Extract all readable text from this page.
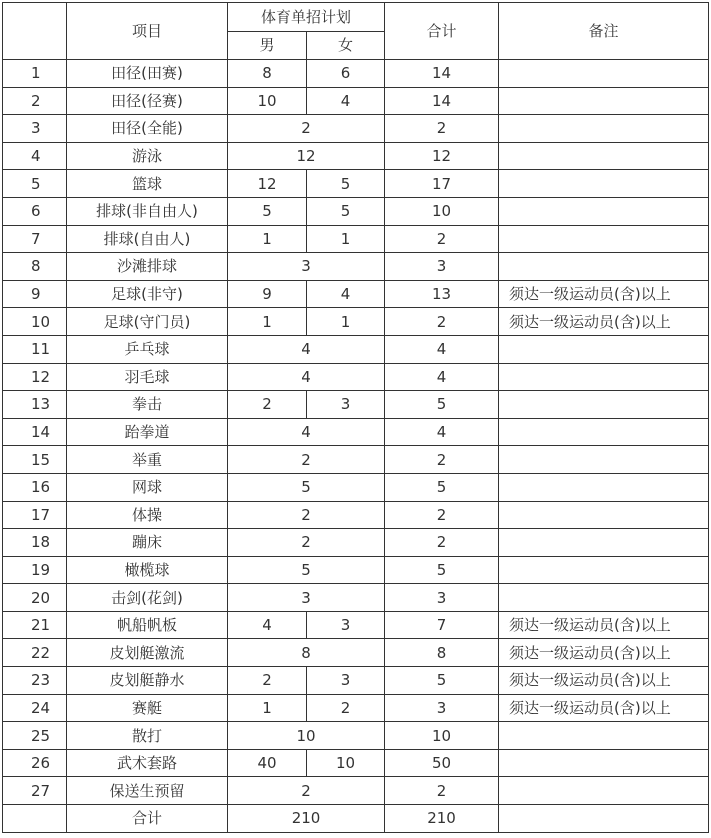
	项目	体育单招计划		合计	备注
		男	女		
1	田径(田赛)	8	6	14	
2	田径(径赛)	10	4	14	
3	田径(全能)	2		2	
4	游泳	12		12	
5	篮球	12	5	17	
6	排球(非自由人)	5	5	10	
7	排球(自由人)	1	1	2	
8	沙滩排球	3		3	
9	足球(非守)	9	4	13	须达一级运动员(含)以上
10	足球(守门员)	1	1	2	须达一级运动员(含)以上
11	乒乓球	4		4	
12	羽毛球	4		4	
13	拳击	2	3	5	
14	跆拳道	4		4	
15	举重	2		2	
16	网球	5		5	
17	体操	2		2	
18	蹦床	2		2	
19	橄榄球	5		5	
20	击剑(花剑)	3		3	
21	帆船帆板	4	3	7	须达一级运动员(含)以上
22	皮划艇激流	8		8	须达一级运动员(含)以上
23	皮划艇静水	2	3	5	须达一级运动员(含)以上
24	赛艇	1	2	3	须达一级运动员(含)以上
25	散打	10		10	
26	武术套路	40	10	50	
27	保送生预留	2		2	
	合计	210		210	
